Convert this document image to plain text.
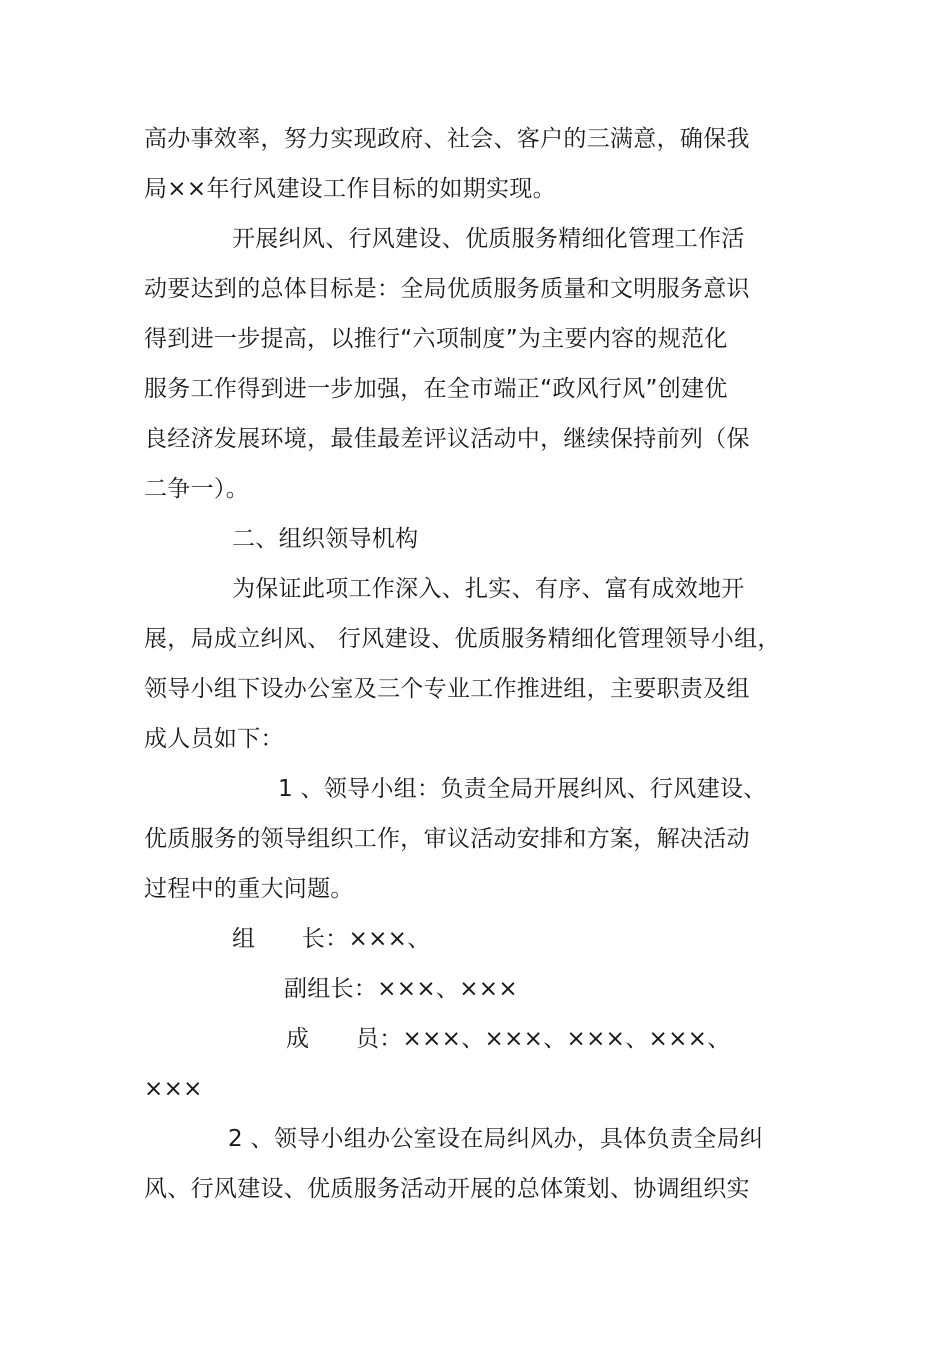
高办事效率，努力实现政府、社会、客户的三满意，确保我
局××年行风建设工作目标的如期实现。
开展纠风、行风建设、优质服务精细化管理工作活
动要达到的总体目标是：全局优质服务质量和文明服务意识
得到进一步提高，以推行“六项制度”为主要内容的规范化
服务工作得到进一步加强，在全市端正“政风行风”创建优
良经济发展环境，最佳最差评议活动中，继续保持前列（保
二争一）。
二、组织领导机构
为保证此项工作深入、扎实、有序、富有成效地开
展，局成立纠风、 行风建设、优质服务精细化管理领导小组，
领导小组下设办公室及三个专业工作推进组，主要职责及组
成人员如下：
1 、领导小组：负责全局开展纠风、行风建设、
优质服务的领导组织工作，审议活动安排和方案，解决活动
过程中的重大问题。
组　　长：×××、
副组长：×××、×××
成　　员：×××、×××、×××、×××、
×××
2 、领导小组办公室设在局纠风办，具体负责全局纠
风、行风建设、优质服务活动开展的总体策划、协调组织实
